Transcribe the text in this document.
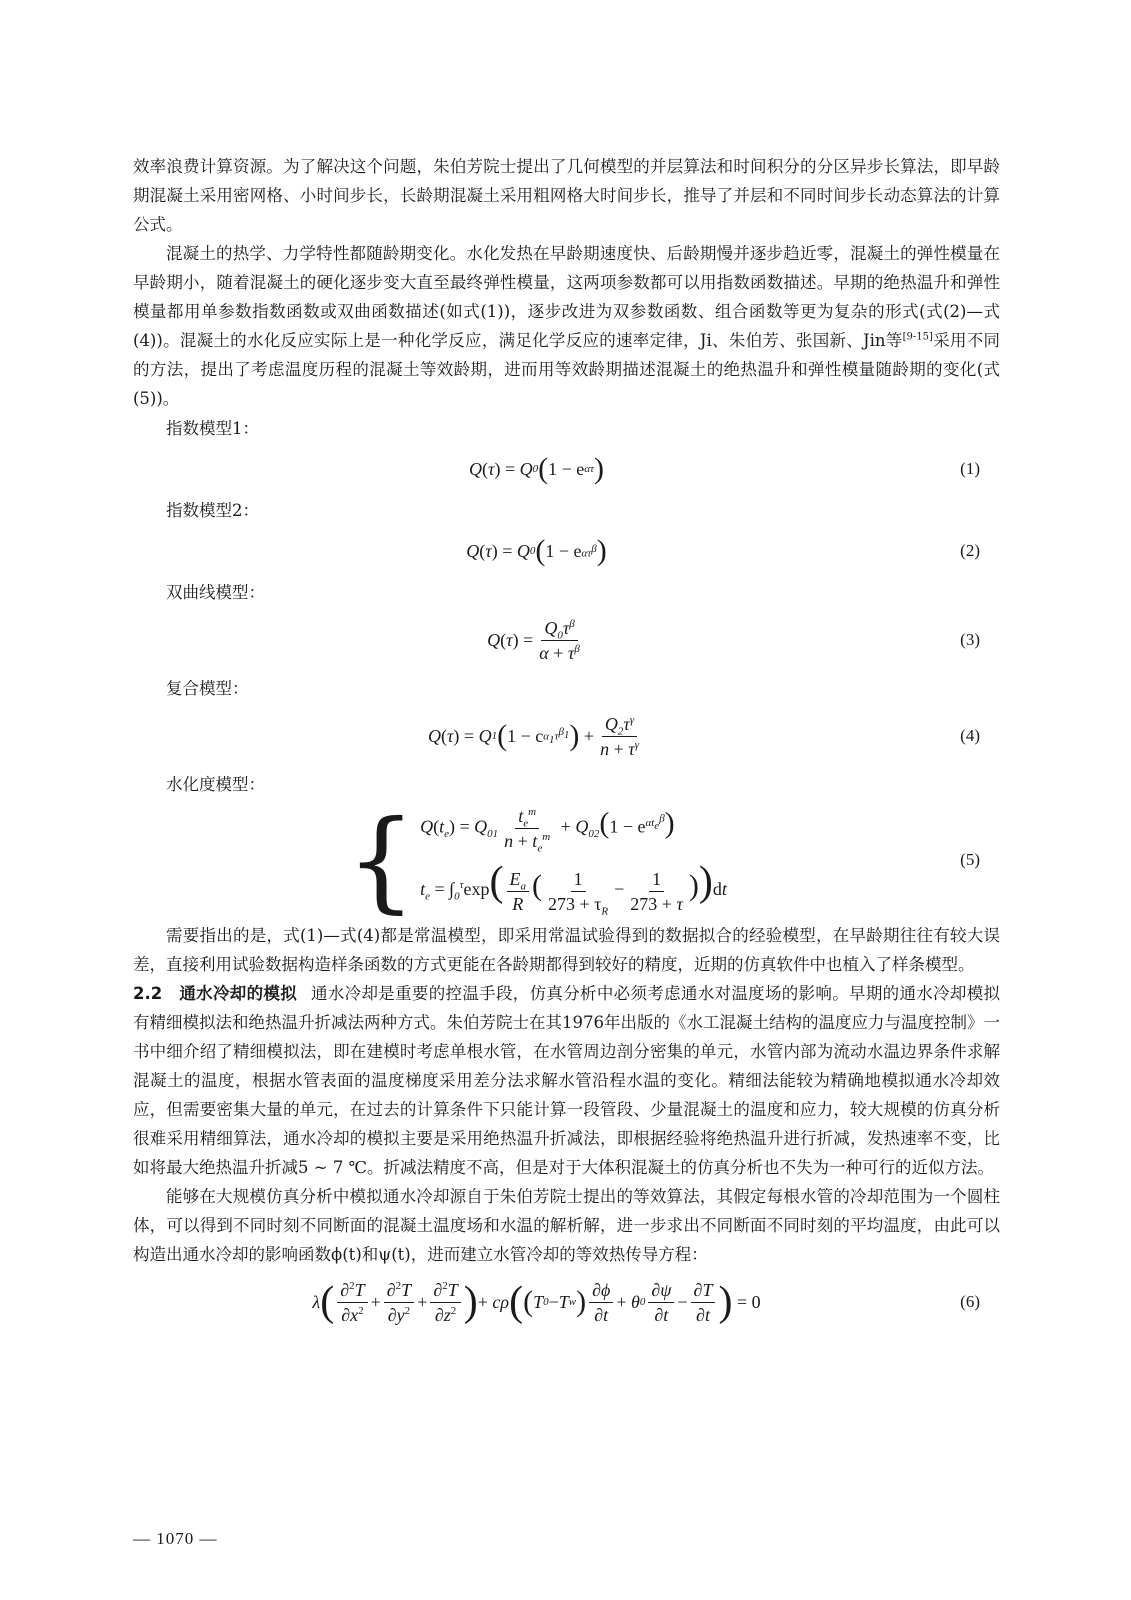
效率浪费计算资源。为了解决这个问题，朱伯芳院士提出了几何模型的并层算法和时间积分的分区异步长算法，即早龄期混凝土采用密网格、小时间步长，长龄期混凝土采用粗网格大时间步长，推导了并层和不同时间步长动态算法的计算公式。

混凝土的热学、力学特性都随龄期变化。水化发热在早龄期速度快、后龄期慢并逐步趋近零，混凝土的弹性模量在早龄期小，随着混凝土的硬化逐步变大直至最终弹性模量，这两项参数都可以用指数函数描述。早期的绝热温升和弹性模量都用单参数指数函数或双曲函数描述(如式(1))，逐步改进为双参数函数、组合函数等更为复杂的形式(式(2)—式(4))。混凝土的水化反应实际上是一种化学反应，满足化学反应的速率定律，Ji、朱伯芳、张国新、Jin等[9-15]采用不同的方法，提出了考虑温度历程的混凝土等效龄期，进而用等效龄期描述混凝土的绝热温升和弹性模量随龄期的变化(式(5))。

指数模型1：
Q ( τ )
= Q 0 ( 1 − e ατ )	(1)
指数模型2：
Q ( τ )
= Q 0 ( 1 − e $\alpha\tau^\beta$ )	(2)
双曲线模型：
Q ( τ )
= $\frac{Q_0\tau^\beta}{\alpha + \tau^\beta}$	(3)
复合模型：
Q ( τ )
= Q 1 ( 1 − c $\alpha_1\tau^{\beta_1}$ )
+ $\frac{Q_2\tau^\gamma}{n + \tau^\gamma}$	(4)
水化度模型：
{ $Q(t_e) = Q_{01} \frac{t_e^m}{n + t_e^m} + Q_{02}(1 - e^{\alpha t_e^\beta})$
$t_e = \int_0^\tau\exp( \frac{E_a}{R}$ ( $\frac{1}{273 + \tau_R} - \frac{1}{273 + \tau} ))dt$
(5)

需要指出的是，式(1)—式(4)都是常温模型，即采用常温试验得到的数据拟合的经验模型，在早龄期往往有较大误差，直接利用试验数据构造样条函数的方式更能在各龄期都得到较好的精度，近期的仿真软件中也植入了样条模型。

2.2　通水冷却的模拟 通水冷却是重要的控温手段，仿真分析中必须考虑通水对温度场的影响。早期的通水冷却模拟有精细模拟法和绝热温升折减法两种方式。朱伯芳院士在其1976年出版的《水工混凝土结构的温度应力与温度控制》一书中细介绍了精细模拟法，即在建模时考虑单根水管，在水管周边剖分密集的单元，水管内部为流动水温边界条件求解混凝土的温度，根据水管表面的温度梯度采用差分法求解水管沿程水温的变化。精细法能较为精确地模拟通水冷却效应，但需要密集大量的单元，在过去的计算条件下只能计算一段管段、少量混凝土的温度和应力，较大规模的仿真分析很难采用精细算法，通水冷却的模拟主要是采用绝热温升折减法，即根据经验将绝热温升进行折减，发热速率不变，比如将最大绝热温升折减5 ~ 7 ℃。折减法精度不高，但是对于大体积混凝土的仿真分析也不失为一种可行的近似方法。

能够在大规模仿真分析中模拟通水冷却源自于朱伯芳院士提出的等效算法，其假定每根水管的冷却范围为一个圆柱体，可以得到不同时刻不同断面的混凝土温度场和水温的解析解，进一步求出不同断面不同时刻的平均温度，由此可以构造出通水冷却的影响函数ϕ(t)和ψ(t)，进而建立水管冷却的等效热传导方程：

λ ( $\frac{\partial^2T}{\partial x^2} + \frac{\partial^2T}{\partial y^2} + \frac{\partial^2T}{\partial z^2}$ ) + cρ ( ( T 0 − T w ) $\frac{\partial\phi}{\partial t} + \theta$ $0 \frac{\partial\psi}{\partial t} - \frac{\partial T}{\partial t}$ )
= 0	(6)
— 1070 —
